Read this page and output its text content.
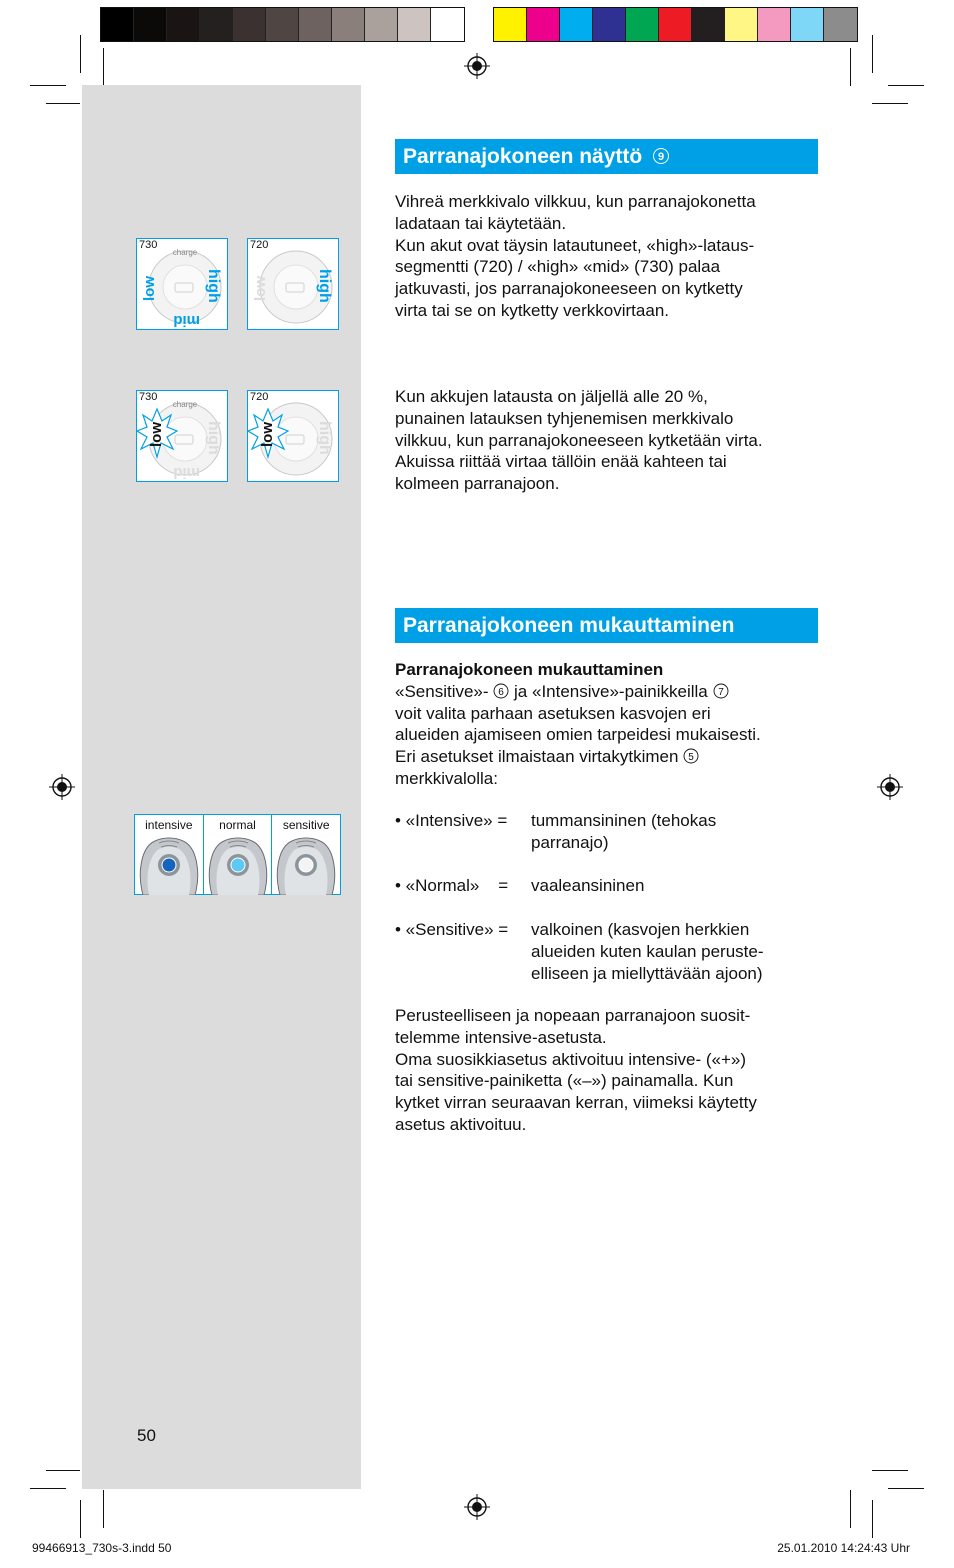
Parranajokoneen näyttö 9

Vihreä merkkivalo vilkkuu, kun parranajokonetta

ladataan tai käytetään.

Kun akut ovat täysin latautuneet, «high»-lataus-

segmentti (720) / «high» «mid» (730) palaa

jatkuvasti, jos parranajokoneeseen on kytketty

virta tai se on kytketty verkkovirtaan.

Kun akkujen latausta on jäljellä alle 20 %,

punainen latauksen tyhjenemisen merkkivalo

vilkkuu, kun parranajokoneeseen kytketään virta.

Akuissa riittää virtaa tällöin enää kahteen tai

kolmeen parranajoon.

730
charge
low	high
mid
720
low	high
730
charge
low	high
mid
720
low	high
Parranajokoneen mukauttaminen

Parranajokoneen mukauttaminen

«Sensitive»- 6 ja «Intensive»-painikkeilla 7

voit valita parhaan asetuksen kasvojen eri

alueiden ajamiseen omien tarpeidesi mukaisesti.

Eri asetukset ilmaistaan virtakytkimen 5

merkkivalolla:

• «Intensive» =	tummansininen (tehokas

parranajo)

• «Normal»    =	vaaleansininen

• «Sensitive» =	valkoinen (kasvojen herkkien

alueiden kuten kaulan peruste-

elliseen ja miellyttävään ajoon)

Perusteelliseen ja nopeaan parranajoon suosit-

telemme intensive-asetusta.

Oma suosikkiasetus aktivoituu intensive- («+»)

tai sensitive-painiketta («–») painamalla. Kun

kytket virran seuraavan kerran, viimeksi käytetty

asetus aktivoituu.

intensive	normal	sensitive
50
99466913_730s-3.indd 50	25.01.2010 14:24:43 Uhr
